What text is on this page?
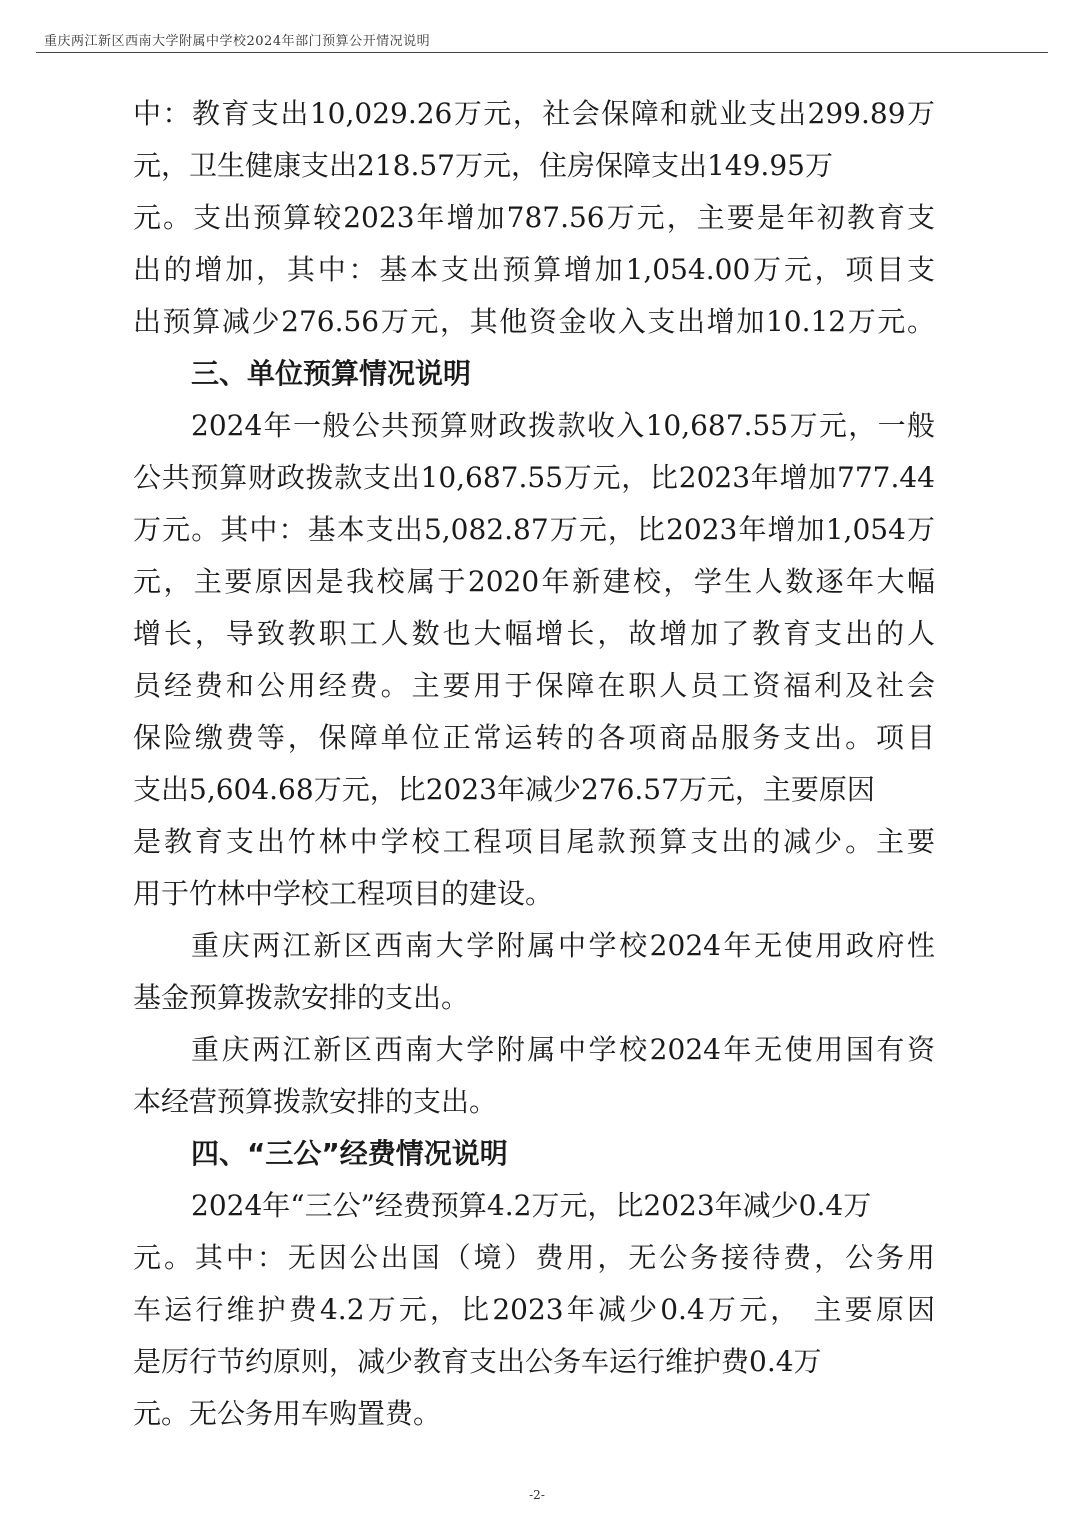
重庆两江新区西南大学附属中学校2024年部门预算公开情况说明
中：教育支出10,029.26万元，社会保障和就业支出299.89万
元，卫生健康支出218.57万元，住房保障支出149.95万
元。支出预算较2023年增加787.56万元，主要是年初教育支
出的增加，其中：基本支出预算增加1,054.00万元，项目支
出预算减少276.56万元，其他资金收入支出增加10.12万元。
三、单位预算情况说明
2024年一般公共预算财政拨款收入10,687.55万元，一般
公共预算财政拨款支出10,687.55万元，比2023年增加777.44
万元。其中：基本支出5,082.87万元，比2023年增加1,054万
元，主要原因是我校属于2020年新建校，学生人数逐年大幅
增长，导致教职工人数也大幅增长，故增加了教育支出的人
员经费和公用经费。主要用于保障在职人员工资福利及社会
保险缴费等，保障单位正常运转的各项商品服务支出。项目
支出5,604.68万元，比2023年减少276.57万元，主要原因
是教育支出竹林中学校工程项目尾款预算支出的减少。主要
用于竹林中学校工程项目的建设。
重庆两江新区西南大学附属中学校2024年无使用政府性
基金预算拨款安排的支出。
重庆两江新区西南大学附属中学校2024年无使用国有资
本经营预算拨款安排的支出。
四、“三公”经费情况说明
2024年“三公”经费预算4.2万元，比2023年减少0.4万
元。其中：无因公出国（境）费用，无公务接待费，公务用
车运行维护费4.2万元，比2023年减少0.4万元， 主要原因
是厉行节约原则，减少教育支出公务车运行维护费0.4万
元。无公务用车购置费。
-2-
